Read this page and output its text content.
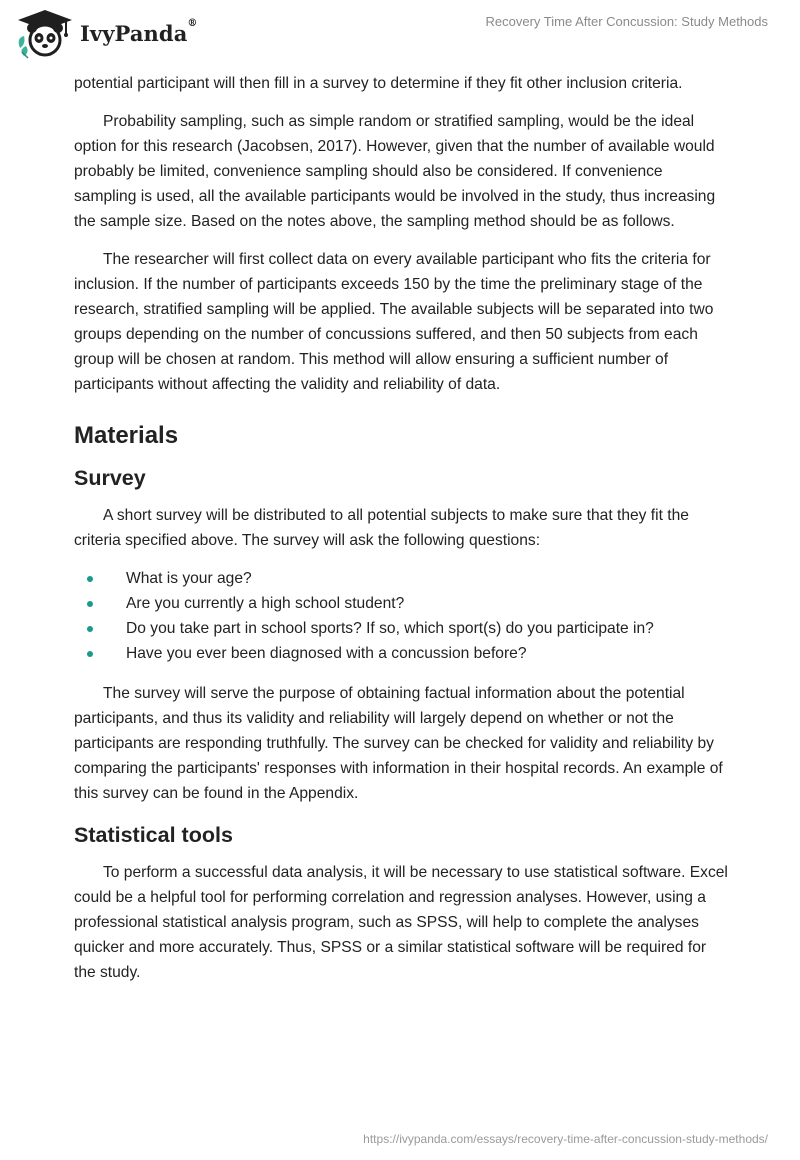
IvyPanda®	Recovery Time After Concussion: Study Methods

potential participant will then fill in a survey to determine if they fit other inclusion criteria.

Probability sampling, such as simple random or stratified sampling, would be the ideal option for this research (Jacobsen, 2017). However, given that the number of available would probably be limited, convenience sampling should also be considered. If convenience sampling is used, all the available participants would be involved in the study, thus increasing the sample size. Based on the notes above, the sampling method should be as follows.

The researcher will first collect data on every available participant who fits the criteria for inclusion. If the number of participants exceeds 150 by the time the preliminary stage of the research, stratified sampling will be applied. The available subjects will be separated into two groups depending on the number of concussions suffered, and then 50 subjects from each group will be chosen at random. This method will allow ensuring a sufficient number of participants without affecting the validity and reliability of data.

Materials
Survey

A short survey will be distributed to all potential subjects to make sure that they fit the criteria specified above. The survey will ask the following questions:

What is your age?
Are you currently a high school student?
Do you take part in school sports? If so, which sport(s) do you participate in?
Have you ever been diagnosed with a concussion before?

The survey will serve the purpose of obtaining factual information about the potential participants, and thus its validity and reliability will largely depend on whether or not the participants are responding truthfully. The survey can be checked for validity and reliability by comparing the participants' responses with information in their hospital records. An example of this survey can be found in the Appendix.

Statistical tools

To perform a successful data analysis, it will be necessary to use statistical software. Excel could be a helpful tool for performing correlation and regression analyses. However, using a professional statistical analysis program, such as SPSS, will help to complete the analyses quicker and more accurately. Thus, SPSS or a similar statistical software will be required for the study.

https://ivypanda.com/essays/recovery-time-after-concussion-study-methods/
